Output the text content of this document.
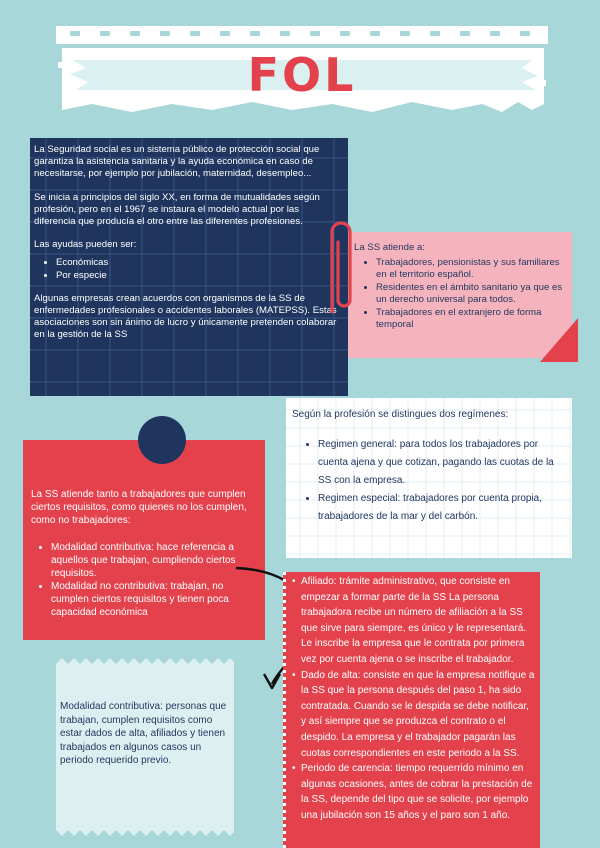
FOL

La Seguridad social es un sistema público de protección social que garantiza la asistencia sanitaria y la ayuda económica en caso de necesitarse, por ejemplo por jubilación, maternidad, desempleo...

Se inicia a principios del siglo XX, en forma de mutualidades según profesión, pero en el 1967 se instaura el modelo actual por las diferencia que producía el otro entre las diferentes profesiones.

Las ayudas pueden ser:

• Económicas
• Por especie

Algunas empresas crean acuerdos con organismos de la SS de enfermedades profesionales o accidentes laborales (MATEPSS). Estas asociaciones son sin ánimo de lucro y únicamente pretenden colaborar en la gestión de la SS

La SS atiende a:
• Trabajadores, pensionistas y sus familiares en el territorio español.
• Residentes en el ámbito sanitario ya que es un derecho universal para todos.
• Trabajadores en el extranjero de forma temporal
Según la profesión se distingues dos regímenes:
• Regimen general: para todos los trabajadores por cuenta ajena y que cotizan, pagando las cuotas de la SS con la empresa.
• Regimen especial: trabajadores por cuenta propia, trabajadores de la mar y del carbón.
La SS atiende tanto a trabajadores que cumplen ciertos requisitos, como quienes no los cumplen, como no trabajadores:
• Modalidad contributiva: hace referencia a aquellos que trabajan, cumpliendo ciertos requisitos.
• Modalidad no contributiva: trabajan, no cumplen ciertos requisitos y tienen poca capacidad económica
Modalidad contributiva: personas que trabajan, cumplen requisitos como estar dados de alta, afiliados y tienen trabajados en algunos casos un periodo requerido previo.
• Afiliado: trámite administrativo, que consiste en empezar a formar parte de la SS La persona trabajadora recibe un número de afiliación a la SS que sirve para siempre, es único y le representará. Le inscribe la empresa que le contrata por primera vez por cuenta ajena o se inscribe el trabajador.
• Dado de alta: consiste en que la empresa notifique a la SS que la persona después del paso 1, ha sido contratada. Cuando se le despida se debe notificar, y así siempre que se produzca el contrato o el despido. La empresa y el trabajador pagarán las cuotas correspondientes en este periodo a la SS.
• Periodo de carencia: tiempo requerrido mínimo en algunas ocasiones, antes de cobrar la prestación de la SS, depende del tipo que se solicite, por ejemplo una jubilación son 15 años y el paro son 1 año.
